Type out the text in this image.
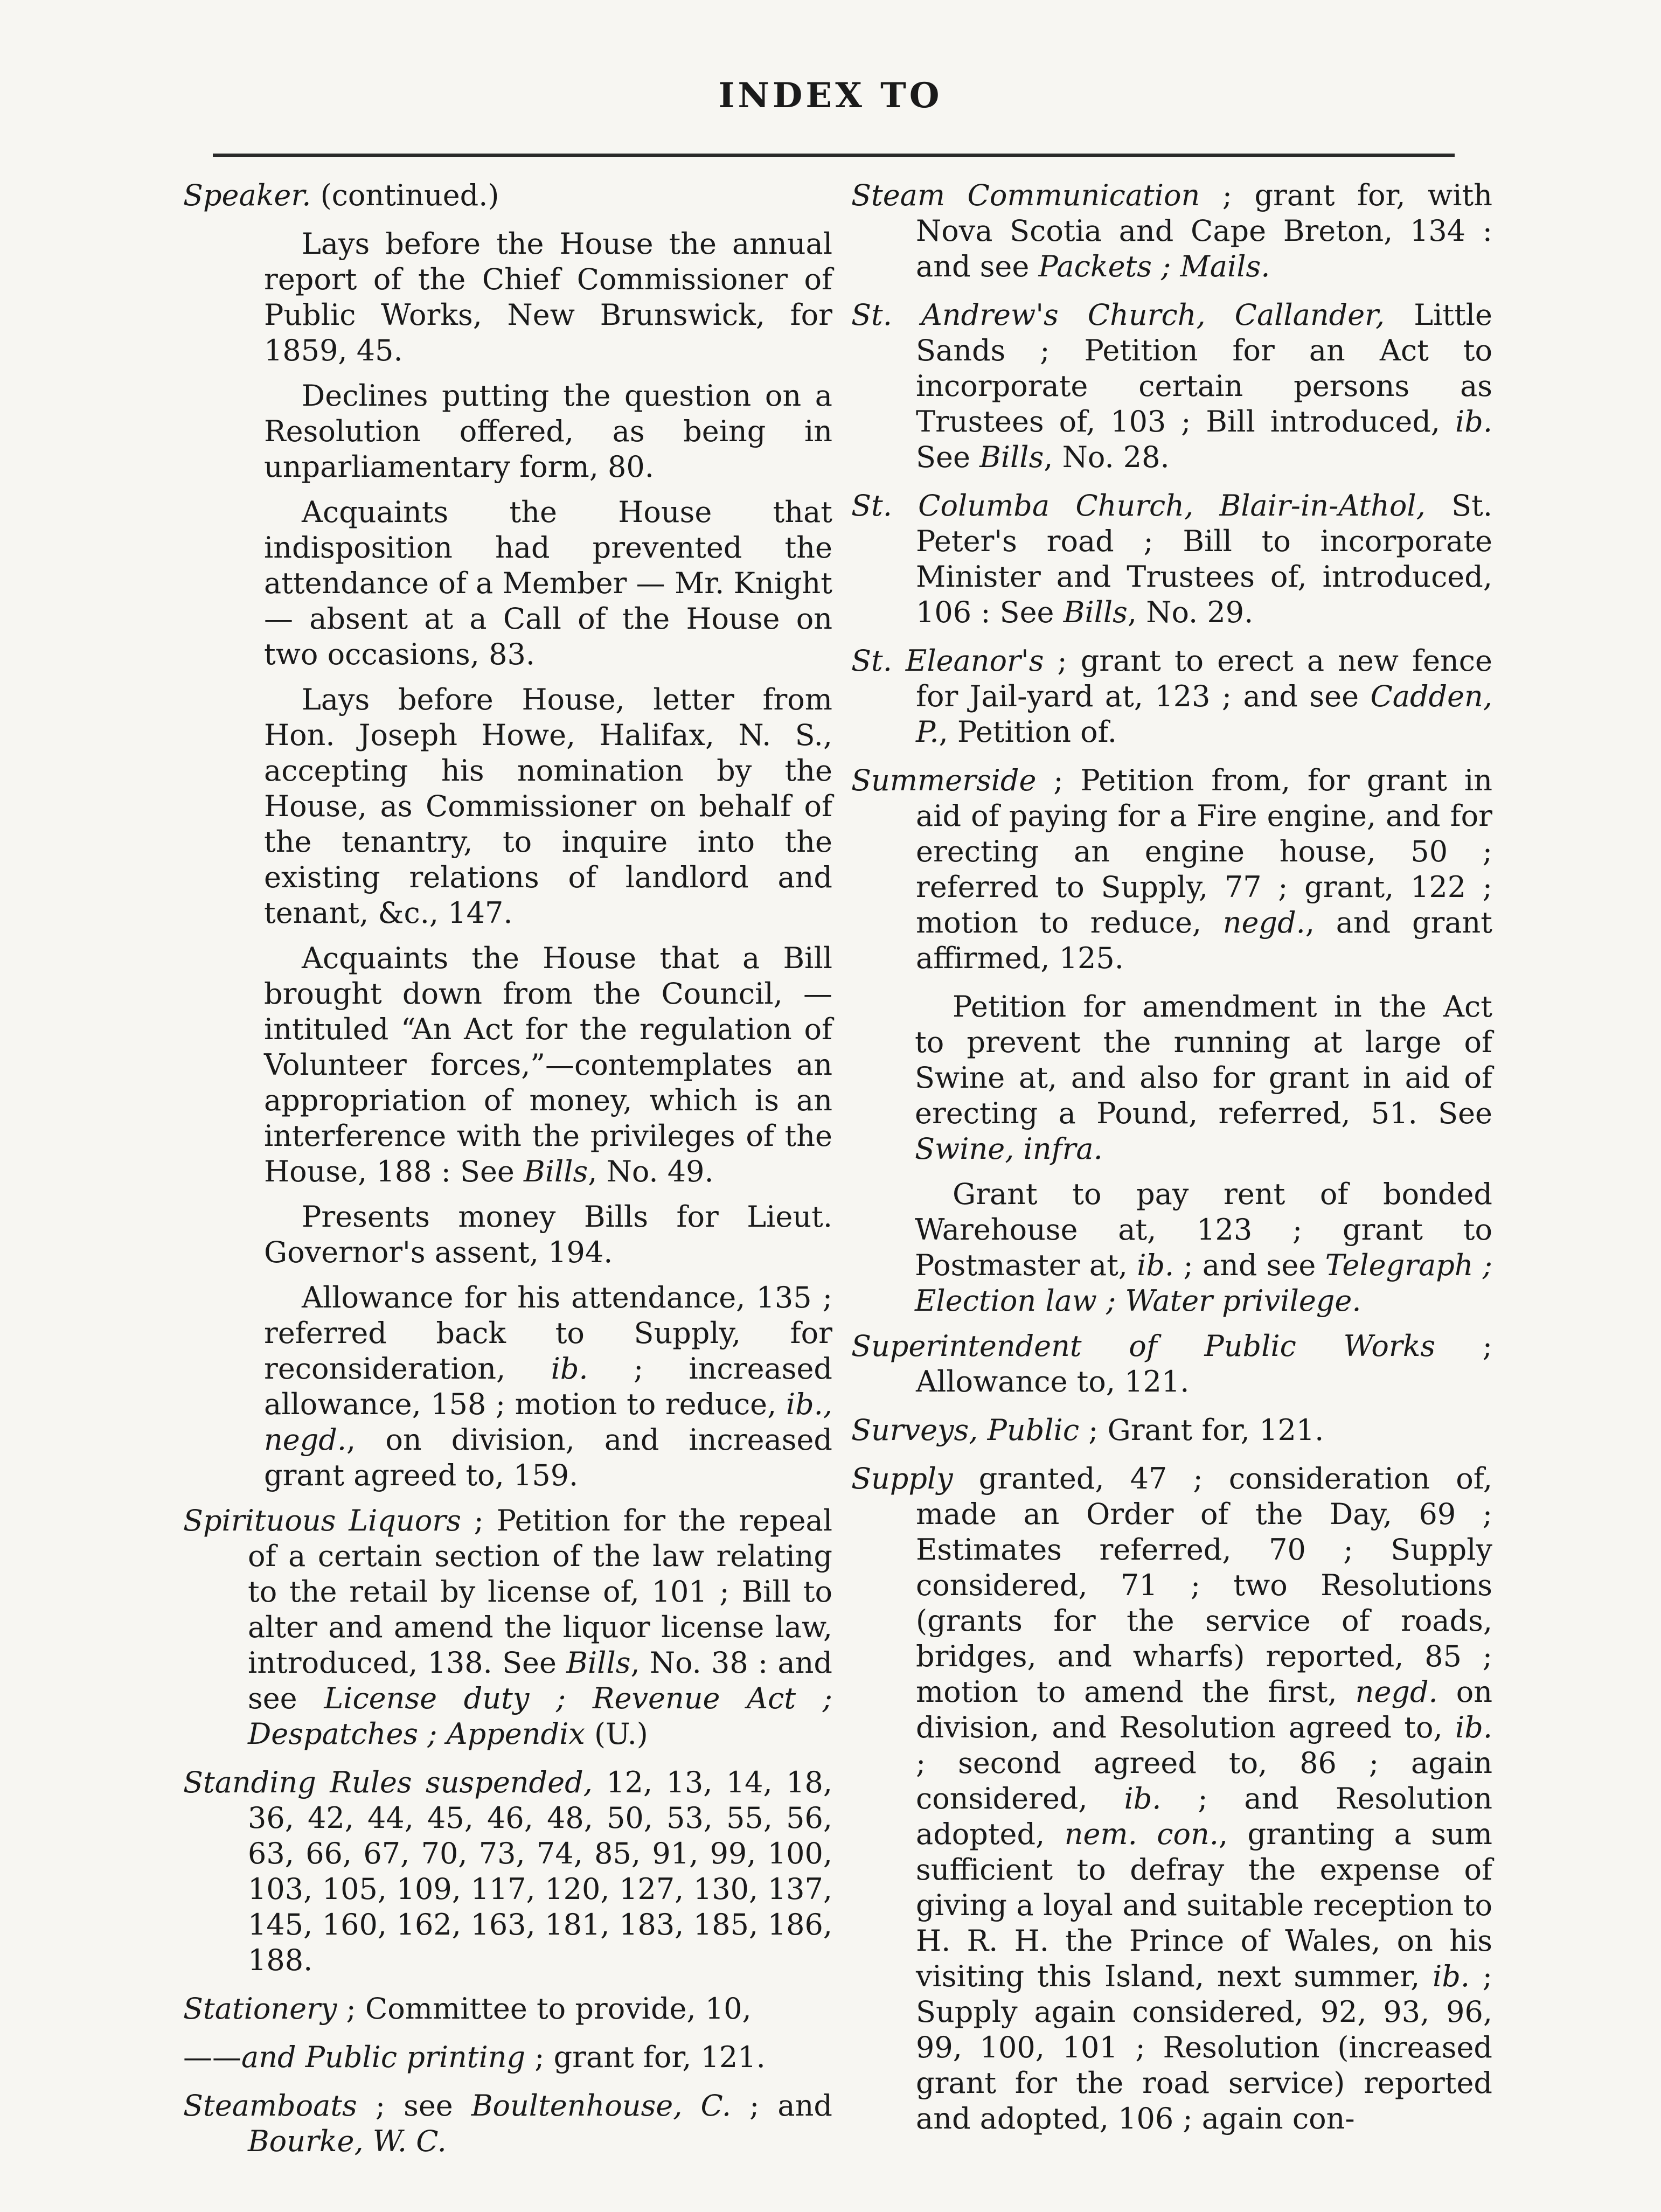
INDEX TO

Speaker. (continued.)

Lays before the House the annual report of the Chief Commissioner of Public Works, New Brunswick, for 1859, 45.

Declines putting the question on a Resolution offered, as being in unparliamentary form, 80.

Acquaints the House that indisposition had prevented the attendance of a Member — Mr. Knight — absent at a Call of the House on two occasions, 83.

Lays before House, letter from Hon. Joseph Howe, Halifax, N. S., accepting his nomination by the House, as Commissioner on behalf of the tenantry, to inquire into the existing relations of landlord and tenant, &c., 147.

Acquaints the House that a Bill brought down from the Council, — intituled “An Act for the regulation of Volunteer forces,”—contemplates an appropriation of money, which is an interference with the privileges of the House, 188 : See Bills, No. 49.

Presents money Bills for Lieut. Governor's assent, 194.

Allowance for his attendance, 135 ; referred back to Supply, for reconsideration, ib. ; increased allowance, 158 ; motion to reduce, ib., negd., on division, and increased grant agreed to, 159.

Spirituous Liquors ; Petition for the repeal of a certain section of the law relating to the retail by license of, 101 ; Bill to alter and amend the liquor license law, introduced, 138. See Bills, No. 38 : and see License duty ; Revenue Act ; Despatches ; Appendix (U.)

Standing Rules suspended, 12, 13, 14, 18, 36, 42, 44, 45, 46, 48, 50, 53, 55, 56, 63, 66, 67, 70, 73, 74, 85, 91, 99, 100, 103, 105, 109, 117, 120, 127, 130, 137, 145, 160, 162, 163, 181, 183, 185, 186, 188.

Stationery ; Committee to provide, 10,

——and Public printing ; grant for, 121.

Steamboats ; see Boultenhouse, C. ; and Bourke, W. C.

Steam Communication ; grant for, with Nova Scotia and Cape Breton, 134 : and see Packets ; Mails.

St. Andrew's Church, Callander, Little Sands ; Petition for an Act to incorporate certain persons as Trustees of, 103 ; Bill introduced, ib. See Bills, No. 28.

St. Columba Church, Blair-in-Athol, St. Peter's road ; Bill to incorporate Minister and Trustees of, introduced, 106 : See Bills, No. 29.

St. Eleanor's ; grant to erect a new fence for Jail-yard at, 123 ; and see Cadden, P., Petition of.

Summerside ; Petition from, for grant in aid of paying for a Fire engine, and for erecting an engine house, 50 ; referred to Supply, 77 ; grant, 122 ; motion to reduce, negd., and grant affirmed, 125.

Petition for amendment in the Act to prevent the running at large of Swine at, and also for grant in aid of erecting a Pound, referred, 51. See Swine, infra.

Grant to pay rent of bonded Warehouse at, 123 ; grant to Postmaster at, ib. ; and see Telegraph ; Election law ; Water privilege.

Superintendent of Public Works ; Allowance to, 121.

Surveys, Public ; Grant for, 121.

Supply granted, 47 ; consideration of, made an Order of the Day, 69 ; Estimates referred, 70 ; Supply considered, 71 ; two Resolutions (grants for the service of roads, bridges, and wharfs) reported, 85 ; motion to amend the first, negd. on division, and Resolution agreed to, ib. ; second agreed to, 86 ; again considered, ib. ; and Resolution adopted, nem. con., granting a sum sufficient to defray the expense of giving a loyal and suitable reception to H. R. H. the Prince of Wales, on his visiting this Island, next summer, ib. ; Supply again considered, 92, 93, 96, 99, 100, 101 ; Resolution (increased grant for the road service) reported and adopted, 106 ; again con-
